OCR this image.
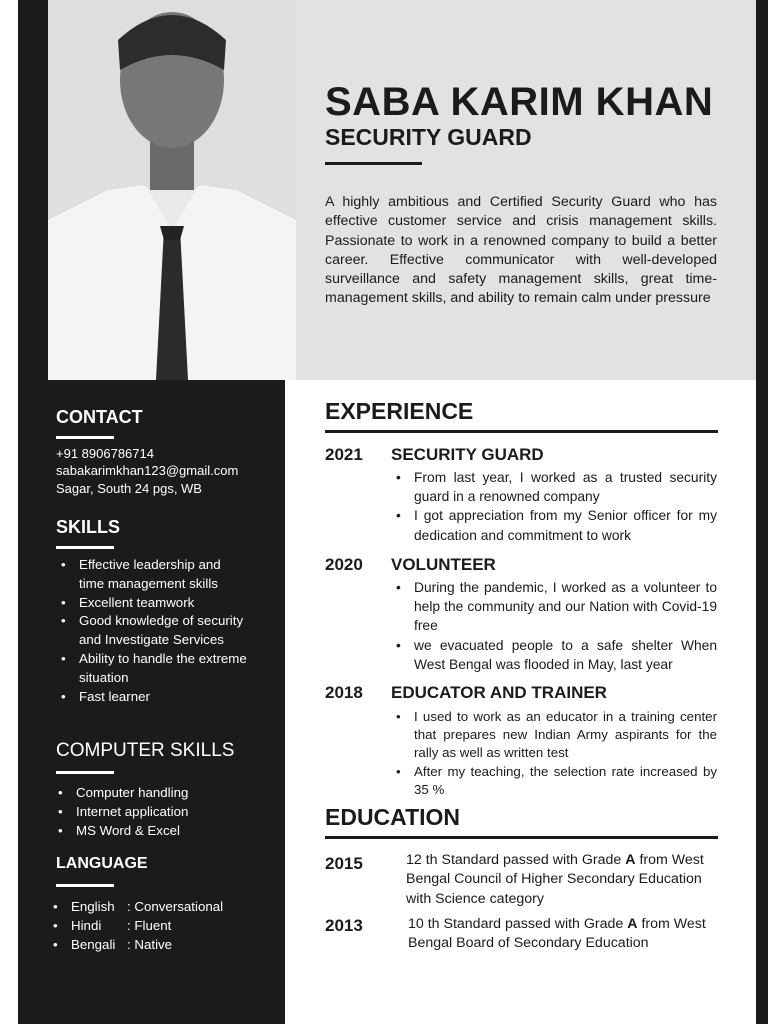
SABA KARIM KHAN
SECURITY GUARD
A highly ambitious and Certified Security Guard who has effective customer service and crisis management skills. Passionate to work in a renowned company to build a better career. Effective communicator with well-developed surveillance and safety management skills, great time-management skills, and ability to remain calm under pressure
CONTACT
+91 8906786714
sabakarimkhan123@gmail.com
Sagar, South 24 pgs, WB
SKILLS
• Effective leadership and time management skills
• Excellent teamwork
• Good knowledge of security and Investigate Services
• Ability to handle the extreme situation
• Fast learner
COMPUTER SKILLS
• Computer handling
• Internet application
• MS Word & Excel
LANGUAGE
• English : Conversational
• Hindi	: Fluent
• Bengali : Native
EXPERIENCE
2021 SECURITY GUARD
• From last year, I worked as a trusted security guard in a renowned company
• I got appreciation from my Senior officer for my dedication and commitment to work
2020 VOLUNTEER
• During the pandemic, I worked as a volunteer to help the community and our Nation with Covid-19 free
• we evacuated people to a safe shelter When West Bengal was flooded in May, last year
2018 EDUCATOR AND TRAINER
• I used to work as an educator in a training center that prepares new Indian Army aspirants for the rally as well as written test
• After my teaching, the selection rate increased by 35 %
EDUCATION
2015	12 th Standard passed with Grade A from West Bengal Council of Higher Secondary Education with Science category
2013	10 th Standard passed with Grade A from West Bengal Board of Secondary Education
